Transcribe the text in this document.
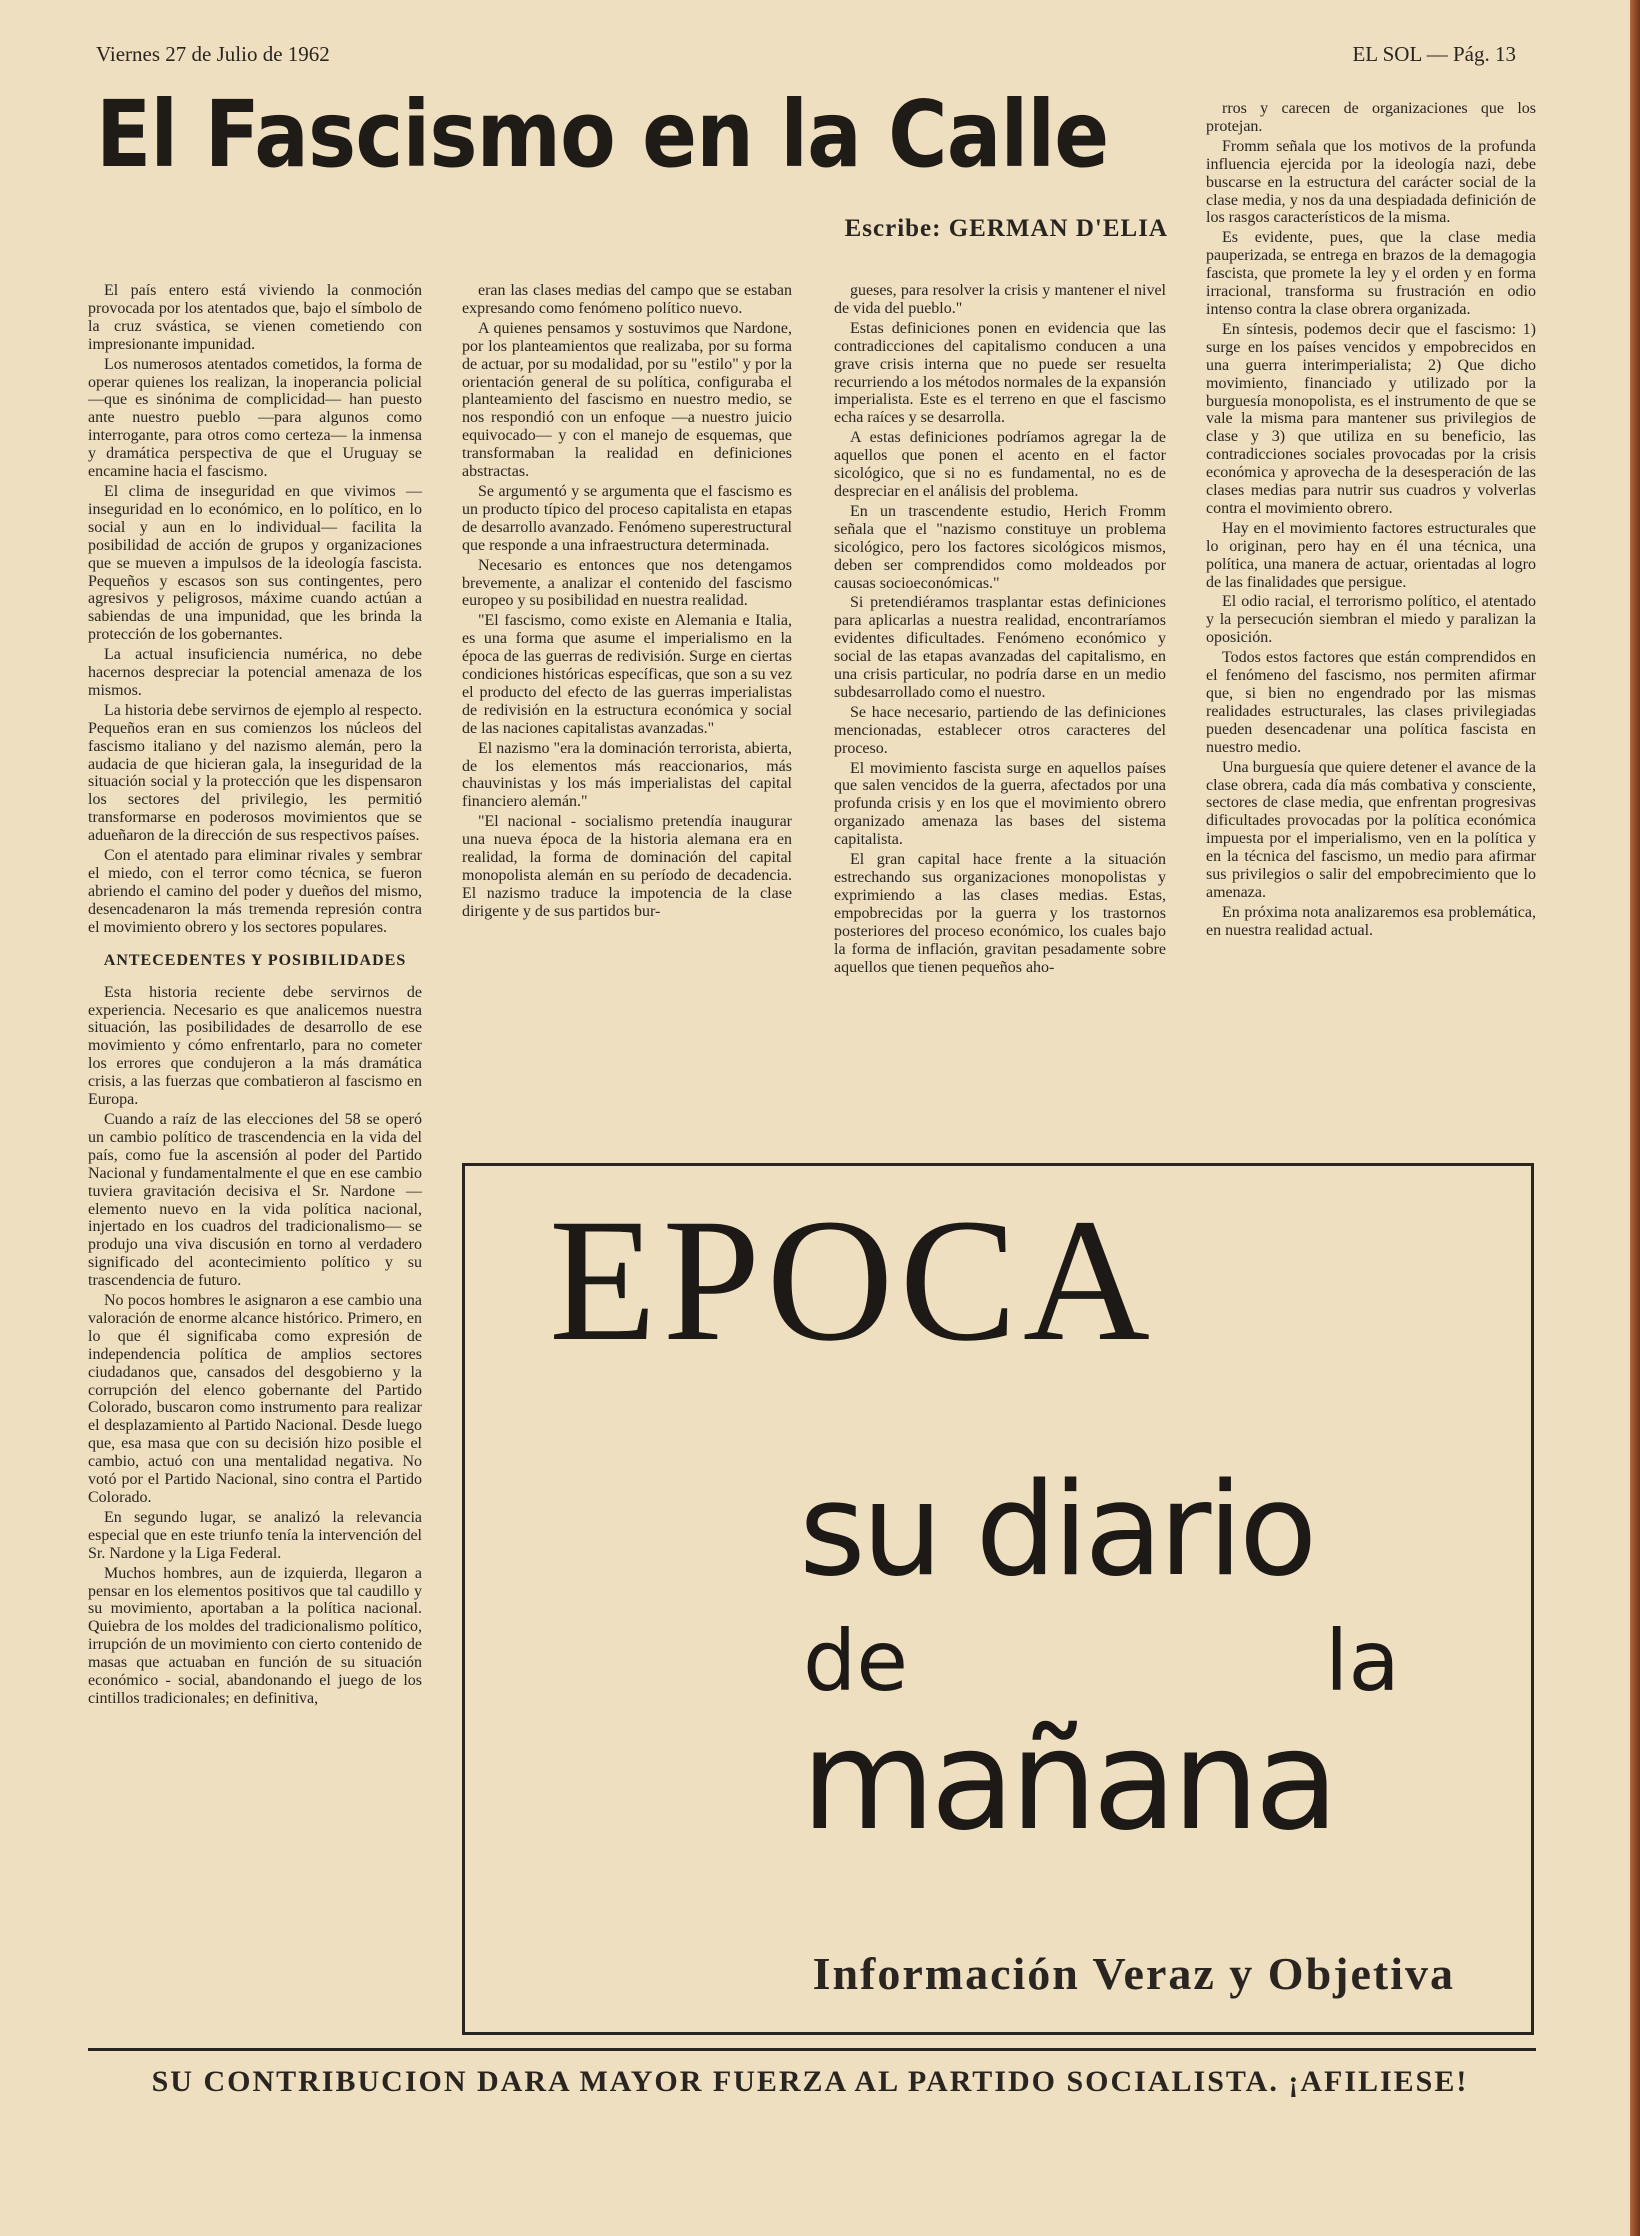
Viernes 27 de Julio de 1962	EL SOL — Pág. 13
El Fascismo en la Calle
Escribe: GERMAN D'ELIA

El país entero está viviendo la conmoción provocada por los atentados que, bajo el símbolo de la cruz svástica, se vienen cometiendo con impresionante impunidad.

Los numerosos atentados cometidos, la forma de operar quienes los realizan, la inoperancia policial —que es sinónima de complicidad— han puesto ante nuestro pueblo —para algunos como interrogante, para otros como certeza— la inmensa y dramática perspectiva de que el Uruguay se encamine hacia el fascismo.

El clima de inseguridad en que vivimos —inseguridad en lo económico, en lo político, en lo social y aun en lo individual— facilita la posibilidad de acción de grupos y organizaciones que se mueven a impulsos de la ideología fascista. Pequeños y escasos son sus contingentes, pero agresivos y peligrosos, máxime cuando actúan a sabiendas de una impunidad, que les brinda la protección de los gobernantes.

La actual insuficiencia numérica, no debe hacernos despreciar la potencial amenaza de los mismos.

La historia debe servirnos de ejemplo al respecto. Pequeños eran en sus comienzos los núcleos del fascismo italiano y del nazismo alemán, pero la audacia de que hicieran gala, la inseguridad de la situación social y la protección que les dispensaron los sectores del privilegio, les permitió transformarse en poderosos movimientos que se adueñaron de la dirección de sus respectivos países.

Con el atentado para eliminar rivales y sembrar el miedo, con el terror como técnica, se fueron abriendo el camino del poder y dueños del mismo, desencadenaron la más tremenda represión contra el movimiento obrero y los sectores populares.

ANTECEDENTES Y POSIBILIDADES

Esta historia reciente debe servirnos de experiencia. Necesario es que analicemos nuestra situación, las posibilidades de desarrollo de ese movimiento y cómo enfrentarlo, para no cometer los errores que condujeron a la más dramática crisis, a las fuerzas que combatieron al fascismo en Europa.

Cuando a raíz de las elecciones del 58 se operó un cambio político de trascendencia en la vida del país, como fue la ascensión al poder del Partido Nacional y fundamentalmente el que en ese cambio tuviera gravitación decisiva el Sr. Nardone —elemento nuevo en la vida política nacional, injertado en los cuadros del tradicionalismo— se produjo una viva discusión en torno al verdadero significado del acontecimiento político y su trascendencia de futuro.

No pocos hombres le asignaron a ese cambio una valoración de enorme alcance histórico. Primero, en lo que él significaba como expresión de independencia política de amplios sectores ciudadanos que, cansados del desgobierno y la corrupción del elenco gobernante del Partido Colorado, buscaron como instrumento para realizar el desplazamiento al Partido Nacional. Desde luego que, esa masa que con su decisión hizo posible el cambio, actuó con una mentalidad negativa. No votó por el Partido Nacional, sino contra el Partido Colorado.

En segundo lugar, se analizó la relevancia especial que en este triunfo tenía la intervención del Sr. Nardone y la Liga Federal.

Muchos hombres, aun de izquierda, llegaron a pensar en los elementos positivos que tal caudillo y su movimiento, aportaban a la política nacional. Quiebra de los moldes del tradicionalismo político, irrupción de un movimiento con cierto contenido de masas que actuaban en función de su situación económico - social, abandonando el juego de los cintillos tradicionales; en definitiva,

eran las clases medias del campo que se estaban expresando como fenómeno político nuevo.

A quienes pensamos y sostuvimos que Nardone, por los planteamientos que realizaba, por su forma de actuar, por su modalidad, por su "estilo" y por la orientación general de su política, configuraba el planteamiento del fascismo en nuestro medio, se nos respondió con un enfoque —a nuestro juicio equivocado— y con el manejo de esquemas, que transformaban la realidad en definiciones abstractas.

Se argumentó y se argumenta que el fascismo es un producto típico del proceso capitalista en etapas de desarrollo avanzado. Fenómeno superestructural que responde a una infraestructura determinada.

Necesario es entonces que nos detengamos brevemente, a analizar el contenido del fascismo europeo y su posibilidad en nuestra realidad.

"El fascismo, como existe en Alemania e Italia, es una forma que asume el imperialismo en la época de las guerras de redivisión. Surge en ciertas condiciones históricas específicas, que son a su vez el producto del efecto de las guerras imperialistas de redivisión en la estructura económica y social de las naciones capitalistas avanzadas."

El nazismo "era la dominación terrorista, abierta, de los elementos más reaccionarios, más chauvinistas y los más imperialistas del capital financiero alemán."

"El nacional - socialismo pretendía inaugurar una nueva época de la historia alemana era en realidad, la forma de dominación del capital monopolista alemán en su período de decadencia. El nazismo traduce la impotencia de la clase dirigente y de sus partidos bur-

gueses, para resolver la crisis y mantener el nivel de vida del pueblo."

Estas definiciones ponen en evidencia que las contradicciones del capitalismo conducen a una grave crisis interna que no puede ser resuelta recurriendo a los métodos normales de la expansión imperialista. Este es el terreno en que el fascismo echa raíces y se desarrolla.

A estas definiciones podríamos agregar la de aquellos que ponen el acento en el factor sicológico, que si no es fundamental, no es de despreciar en el análisis del problema.

En un trascendente estudio, Herich Fromm señala que el "nazismo constituye un problema sicológico, pero los factores sicológicos mismos, deben ser comprendidos como moldeados por causas socioeconómicas."

Si pretendiéramos trasplantar estas definiciones para aplicarlas a nuestra realidad, encontraríamos evidentes dificultades. Fenómeno económico y social de las etapas avanzadas del capitalismo, en una crisis particular, no podría darse en un medio subdesarrollado como el nuestro.

Se hace necesario, partiendo de las definiciones mencionadas, establecer otros caracteres del proceso.

El movimiento fascista surge en aquellos países que salen vencidos de la guerra, afectados por una profunda crisis y en los que el movimiento obrero organizado amenaza las bases del sistema capitalista.

El gran capital hace frente a la situación estrechando sus organizaciones monopolistas y exprimiendo a las clases medias. Estas, empobrecidas por la guerra y los trastornos posteriores del proceso económico, los cuales bajo la forma de inflación, gravitan pesadamente sobre aquellos que tienen pequeños aho-

rros y carecen de organizaciones que los protejan.

Fromm señala que los motivos de la profunda influencia ejercida por la ideología nazi, debe buscarse en la estructura del carácter social de la clase media, y nos da una despiadada definición de los rasgos característicos de la misma.

Es evidente, pues, que la clase media pauperizada, se entrega en brazos de la demagogia fascista, que promete la ley y el orden y en forma irracional, transforma su frustración en odio intenso contra la clase obrera organizada.

En síntesis, podemos decir que el fascismo: 1) surge en los países vencidos y empobrecidos en una guerra interimperialista; 2) Que dicho movimiento, financiado y utilizado por la burguesía monopolista, es el instrumento de que se vale la misma para mantener sus privilegios de clase y 3) que utiliza en su beneficio, las contradicciones sociales provocadas por la crisis económica y aprovecha de la desesperación de las clases medias para nutrir sus cuadros y volverlas contra el movimiento obrero.

Hay en el movimiento factores estructurales que lo originan, pero hay en él una técnica, una política, una manera de actuar, orientadas al logro de las finalidades que persigue.

El odio racial, el terrorismo político, el atentado y la persecución siembran el miedo y paralizan la oposición.

Todos estos factores que están comprendidos en el fenómeno del fascismo, nos permiten afirmar que, si bien no engendrado por las mismas realidades estructurales, las clases privilegiadas pueden desencadenar una política fascista en nuestro medio.

Una burguesía que quiere detener el avance de la clase obrera, cada día más combativa y consciente, sectores de clase media, que enfrentan progresivas dificultades provocadas por la política económica impuesta por el imperialismo, ven en la política y en la técnica del fascismo, un medio para afirmar sus privilegios o salir del empobrecimiento que lo amenaza.

En próxima nota analizaremos esa problemática, en nuestra realidad actual.

EPOCA
su diario
de	la
mañana
Información Veraz y Objetiva
SU CONTRIBUCION DARA MAYOR FUERZA AL PARTIDO SOCIALISTA. ¡AFILIESE!
